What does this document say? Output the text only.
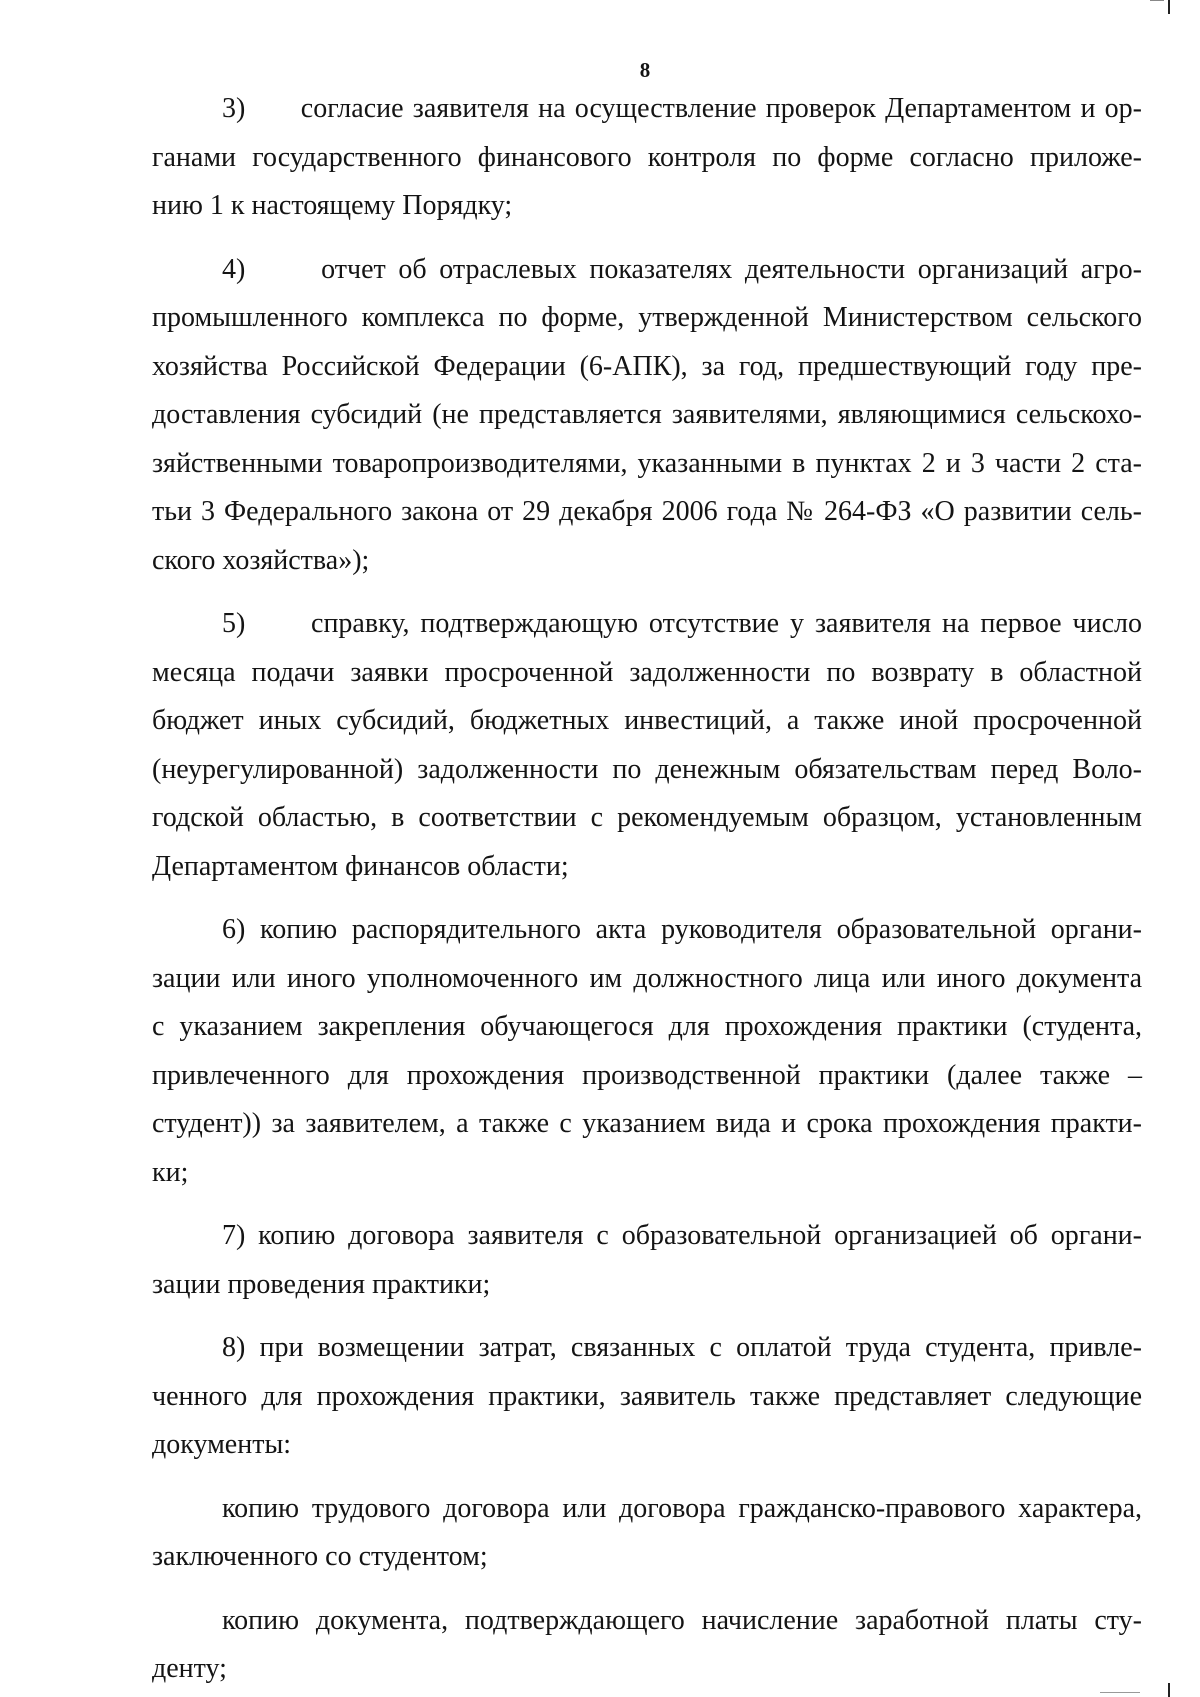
8
3)      согласие заявителя на осуществление проверок Департаментом и ор-
ганами государственного финансового контроля по форме согласно приложе-
нию 1 к настоящему Порядку;
4)      отчет об отраслевых показателях деятельности организаций агро-
промышленного комплекса по форме, утвержденной Министерством сельского
хозяйства Российской Федерации (6-АПК), за год, предшествующий году пре-
доставления субсидий (не представляется заявителями, являющимися сельскохо-
зяйственными товаропроизводителями, указанными в пунктах 2 и 3 части 2 ста-
тьи 3 Федерального закона от 29 декабря 2006 года № 264-ФЗ «О развитии сель-
ского хозяйства»);
5)      справку, подтверждающую отсутствие у заявителя на первое число
месяца подачи заявки просроченной задолженности по возврату в областной
бюджет иных субсидий, бюджетных инвестиций, а также иной просроченной
(неурегулированной) задолженности по денежным обязательствам перед Воло-
годской областью, в соответствии с рекомендуемым образцом, установленным
Департаментом финансов области;
6) копию распорядительного акта руководителя образовательной органи-
зации или иного уполномоченного им должностного лица или иного документа
с указанием закрепления обучающегося для прохождения практики (студента,
привлеченного для прохождения производственной практики (далее также –
студент)) за заявителем, а также с указанием вида и срока прохождения практи-
ки;
7) копию договора заявителя с образовательной организацией об органи-
зации проведения практики;
8) при возмещении затрат, связанных с оплатой труда студента, привле-
ченного для прохождения практики, заявитель также представляет следующие
документы:
копию трудового договора или договора гражданско-правового характера,
заключенного со студентом;
копию документа, подтверждающего начисление заработной платы сту-
денту;
